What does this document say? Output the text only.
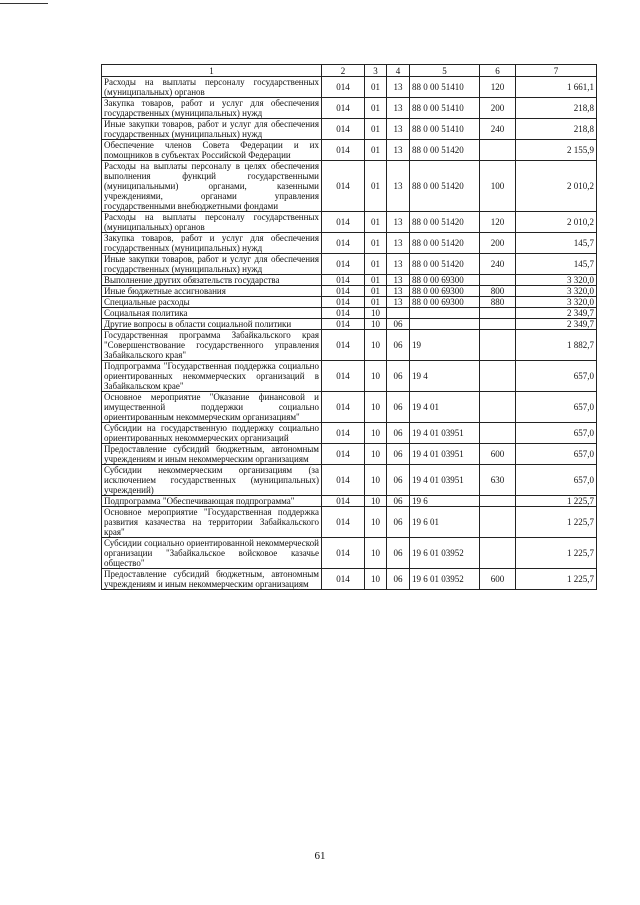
1	2	3	4	5	6	7
Расходы на выплаты персоналу государственных (муниципальных) органов	014	01	13	88 0 00 51410	120	1 661,1
Закупка товаров, работ и услуг для обеспечения государственных (муниципальных) нужд	014	01	13	88 0 00 51410	200	218,8
Иные закупки товаров, работ и услуг для обеспечения государственных (муниципальных) нужд	014	01	13	88 0 00 51410	240	218,8
Обеспечение членов Совета Федерации и их помощников в субъектах Российской Федерации	014	01	13	88 0 00 51420		2 155,9
Расходы на выплаты персоналу в целях обеспечения выполнения функций государственными (муниципальными) органами, казенными учреждениями, органами управления государственными внебюджетными фондами	014	01	13	88 0 00 51420	100	2 010,2
Расходы на выплаты персоналу государственных (муниципальных) органов	014	01	13	88 0 00 51420	120	2 010,2
Закупка товаров, работ и услуг для обеспечения государственных (муниципальных) нужд	014	01	13	88 0 00 51420	200	145,7
Иные закупки товаров, работ и услуг для обеспечения государственных (муниципальных) нужд	014	01	13	88 0 00 51420	240	145,7
Выполнение других обязательств государства	014	01	13	88 0 00 69300		3 320,0
Иные бюджетные ассигнования	014	01	13	88 0 00 69300	800	3 320,0
Специальные расходы	014	01	13	88 0 00 69300	880	3 320,0
Социальная политика	014	10				2 349,7
Другие вопросы в области социальной политики	014	10	06			2 349,7
Государственная программа Забайкальского края "Совершенствование государственного управления Забайкальского края"	014	10	06	19		1 882,7
Подпрограмма "Государственная поддержка социально ориентированных некоммерческих организаций в Забайкальском крае"	014	10	06	19 4		657,0
Основное мероприятие "Оказание финансовой и имущественной поддержки социально ориентированным некоммерческим организациям"	014	10	06	19 4 01		657,0
Субсидии на государственную поддержку социально ориентированных некоммерческих организаций	014	10	06	19 4 01 03951		657,0
Предоставление субсидий бюджетным, автономным учреждениям и иным некоммерческим организациям	014	10	06	19 4 01 03951	600	657,0
Субсидии некоммерческим организациям (за исключением государственных (муниципальных) учреждений)	014	10	06	19 4 01 03951	630	657,0
Подпрограмма "Обеспечивающая подпрограмма"	014	10	06	19 6		1 225,7
Основное мероприятие "Государственная поддержка развития казачества на территории Забайкальского края"	014	10	06	19 6 01		1 225,7
Субсидии социально ориентированной некоммерческой организации "Забайкальское войсковое казачье общество"	014	10	06	19 6 01 03952		1 225,7
Предоставление субсидий бюджетным, автономным учреждениям и иным некоммерческим организациям	014	10	06	19 6 01 03952	600	1 225,7
61
